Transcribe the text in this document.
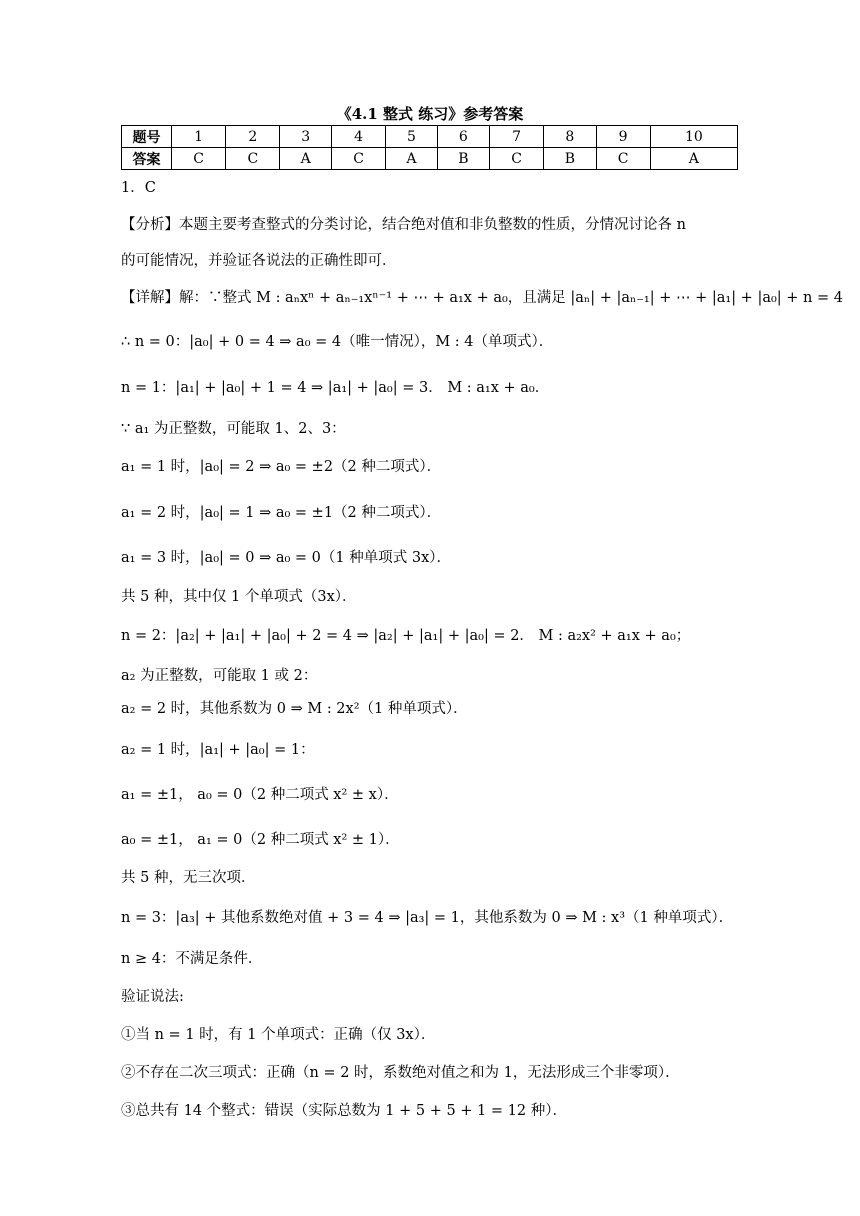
《4.1 整式 练习》参考答案
题号	1	2	3	4	5	6	7	8	9	10
答案	C	C	A	C	A	B	C	B	C	A
1．C
【分析】本题主要考查整式的分类讨论，结合绝对值和非负整数的性质，分情况讨论各 n
的可能情况，并验证各说法的正确性即可．
【详解】解：∵整式 M : aₙxⁿ + aₙ₋₁xⁿ⁻¹ + ⋯ + a₁x + a₀，且满足 |aₙ| + |aₙ₋₁| + ⋯ + |a₁| + |a₀| + n = 4
∴ n = 0：|a₀| + 0 = 4 ⇒ a₀ = 4（唯一情况），M : 4（单项式）．
n = 1：|a₁| + |a₀| + 1 = 4 ⇒ |a₁| + |a₀| = 3． M : a₁x + a₀．
∵ a₁ 为正整数，可能取 1、2、3：
a₁ = 1 时，|a₀| = 2 ⇒ a₀ = ±2（2 种二项式）．
a₁ = 2 时，|a₀| = 1 ⇒ a₀ = ±1（2 种二项式）．
a₁ = 3 时，|a₀| = 0 ⇒ a₀ = 0（1 种单项式 3x）．
共 5 种，其中仅 1 个单项式（3x）．
n = 2：|a₂| + |a₁| + |a₀| + 2 = 4 ⇒ |a₂| + |a₁| + |a₀| = 2． M : a₂x² + a₁x + a₀；
a₂ 为正整数，可能取 1 或 2：
a₂ = 2 时，其他系数为 0 ⇒ M : 2x²（1 种单项式）．
a₂ = 1 时，|a₁| + |a₀| = 1：
a₁ = ±1， a₀ = 0（2 种二项式 x² ± x）．
a₀ = ±1， a₁ = 0（2 种二项式 x² ± 1）．
共 5 种，无三次项．
n = 3：|a₃| + 其他系数绝对值 + 3 = 4 ⇒ |a₃| = 1，其他系数为 0 ⇒ M : x³（1 种单项式）．
n ≥ 4：不满足条件．
验证说法:
①当 n = 1 时，有 1 个单项式：正确（仅 3x）．
②不存在二次三项式：正确（n = 2 时，系数绝对值之和为 1，无法形成三个非零项）．
③总共有 14 个整式：错误（实际总数为 1 + 5 + 5 + 1 = 12 种）．
